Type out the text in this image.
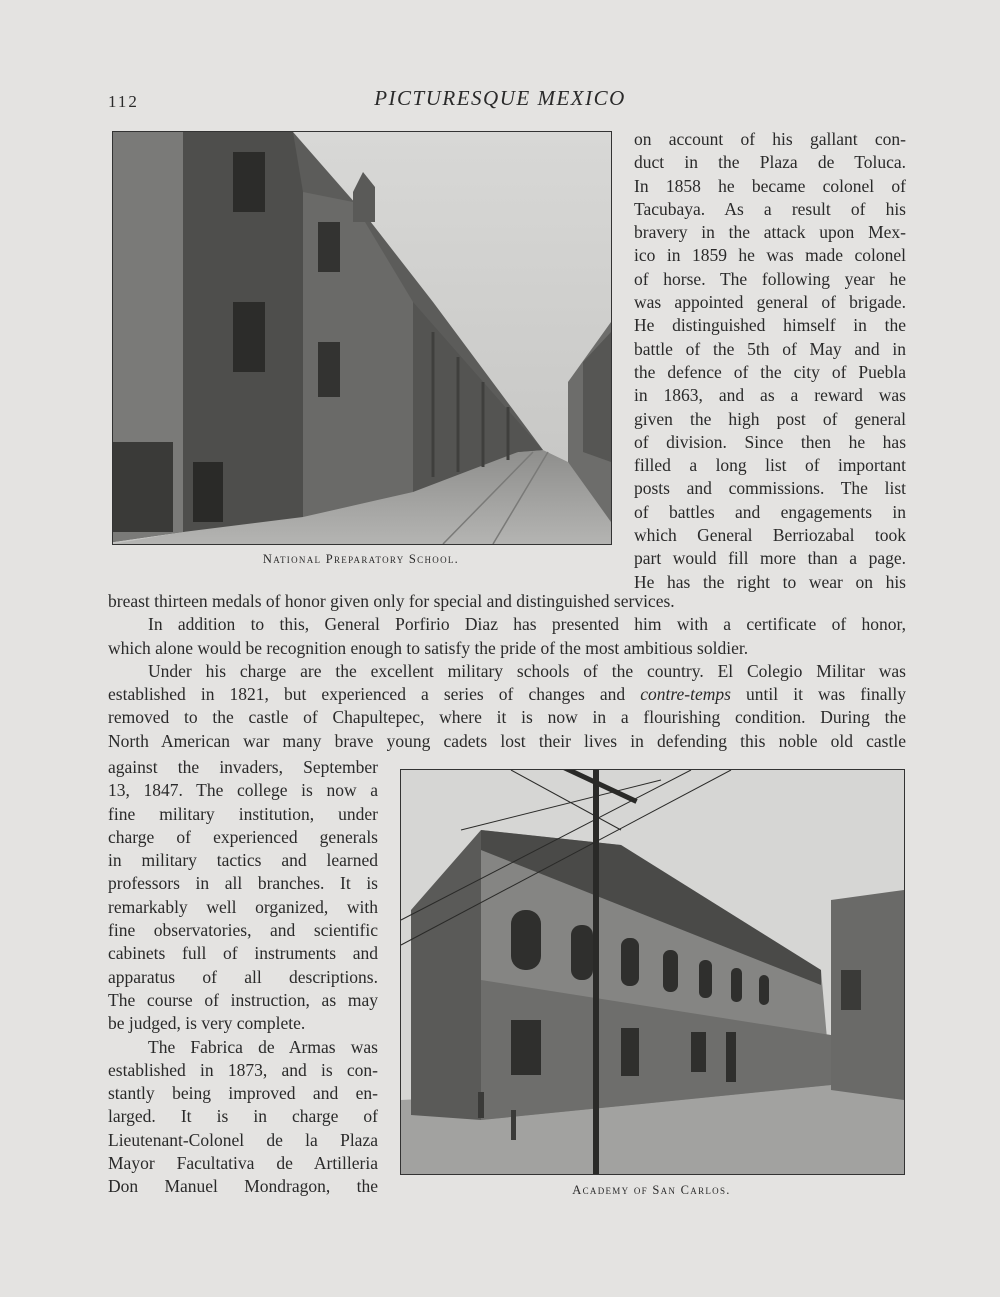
112	PICTURESQUE MEXICO
National Preparatory School.
on account of his gallant con-
duct in the Plaza de Toluca.
In 1858 he became colonel of
Tacubaya. As a result of his
bravery in the attack upon Mex-
ico in 1859 he was made colonel
of horse. The following year he
was appointed general of brigade.
He distinguished himself in the
battle of the 5th of May and in
the defence of the city of Puebla
in 1863, and as a reward was
given the high post of general
of division. Since then he has
filled a long list of important
posts and commissions. The list
of battles and engagements in
which General Berriozabal took
part would fill more than a page.
He has the right to wear on his
breast thirteen medals of honor given only for special and distinguished services.
In addition to this, General Porfirio Diaz has presented him with a certificate of honor,
which alone would be recognition enough to satisfy the pride of the most ambitious soldier.
Under his charge are the excellent military schools of the country. El Colegio Militar was
established in 1821, but experienced a series of changes and contre-temps until it was finally
removed to the castle of Chapultepec, where it is now in a flourishing condition. During the
North American war many brave young cadets lost their lives in defending this noble old castle
against the invaders, September
13, 1847. The college is now a
fine military institution, under
charge of experienced generals
in military tactics and learned
professors in all branches. It is
remarkably well organized, with
fine observatories, and scientific
cabinets full of instruments and
apparatus of all descriptions.
The course of instruction, as may
be judged, is very complete.
The Fabrica de Armas was
established in 1873, and is con-
stantly being improved and en-
larged. It is in charge of
Lieutenant-Colonel de la Plaza
Mayor Facultativa de Artilleria
Don Manuel Mondragon, the	Academy of San Carlos.
